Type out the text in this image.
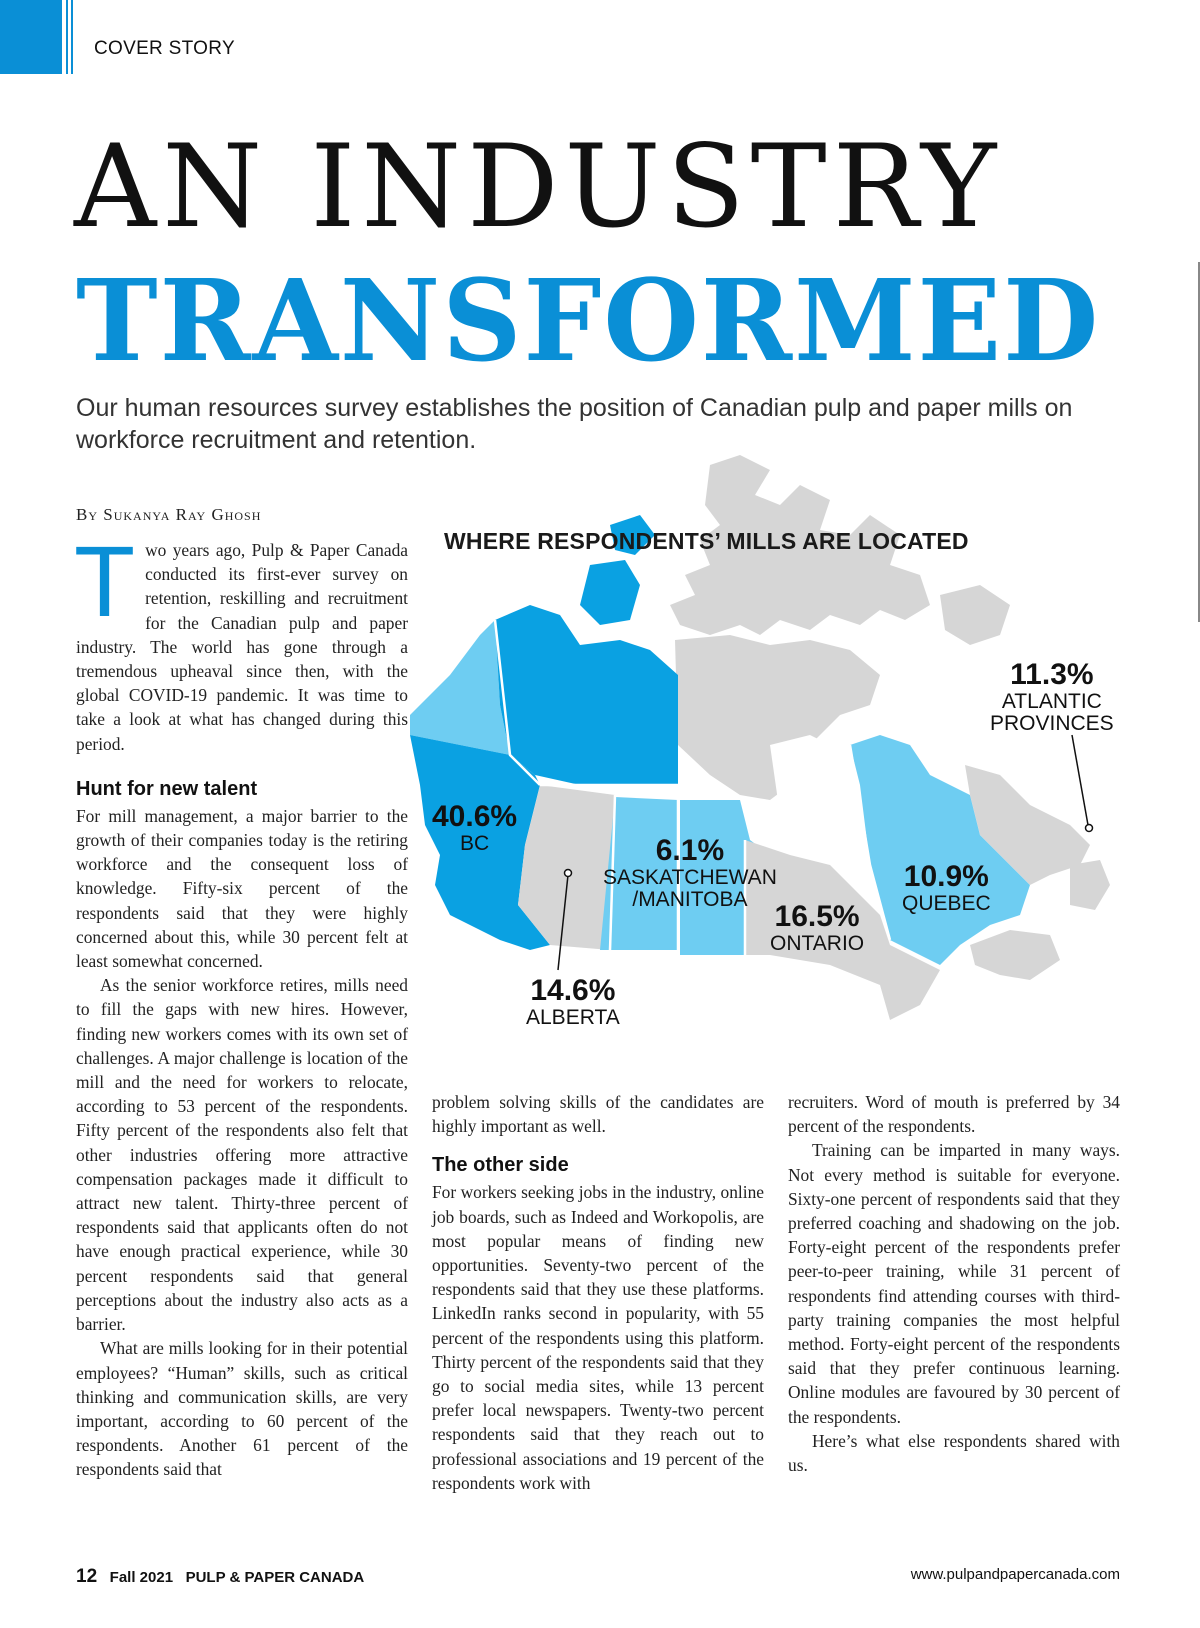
COVER STORY
AN INDUSTRY
TRANSFORMED
Our human resources survey establishes the position of Canadian pulp and paper mills on workforce recruitment and retention.
By Sukanya Ray Ghosh
WHERE RESPONDENTS’ MILLS ARE LOCATED
40.6%
BC	6.1%
SASKATCHEWAN
/MANITOBA
16.5%
ONTARIO
10.9%
QUEBEC
14.6%
ALBERTA
11.3%
ATLANTIC
PROVINCES

Two years ago, Pulp & Paper Canada conducted its first-ever survey on retention, reskilling and recruitment for the Canadian pulp and paper industry. The world has gone through a tremendous upheaval since then, with the global COVID-19 pandemic. It was time to take a look at what has changed during this period.

Hunt for new talent

For mill management, a major barrier to the growth of their companies today is the retiring workforce and the consequent loss of knowledge. Fifty-six percent of the respondents said that they were highly concerned about this, while 30 percent felt at least somewhat concerned.

As the senior workforce retires, mills need to fill the gaps with new hires. However, finding new workers comes with its own set of challenges. A major challenge is location of the mill and the need for workers to relocate, according to 53 percent of the respondents. Fifty percent of the respondents also felt that other industries offering more attractive compensation packages made it difficult to attract new talent. Thirty-three percent of respondents said that applicants often do not have enough practical experience, while 30 percent respondents said that general perceptions about the industry also acts as a barrier.

What are mills looking for in their potential employees? “Human” skills, such as critical thinking and communication skills, are very important, according to 60 percent of the respondents. Another 61 percent of the respondents said that

problem solving skills of the candidates are highly important as well.

The other side

For workers seeking jobs in the industry, online job boards, such as Indeed and Workopolis, are most popular means of finding new opportunities. Seventy-two percent of the respondents said that they use these platforms. LinkedIn ranks second in popularity, with 55 percent of the respondents using this platform. Thirty percent of the respondents said that they go to social media sites, while 13 percent prefer local newspapers. Twenty-two percent respondents said that they reach out to professional associations and 19 percent of the respondents work with

recruiters. Word of mouth is preferred by 34 percent of the respondents.

Training can be imparted in many ways. Not every method is suitable for everyone. Sixty-one percent of respondents said that they preferred coaching and shadowing on the job. Forty-eight percent of the respondents prefer peer-to-peer training, while 31 percent of respondents find attending courses with third-party training companies the most helpful method. Forty-eight percent of the respondents said that they prefer continuous learning. Online modules are favoured by 30 percent of the respondents.

Here’s what else respondents shared with us.

12 Fall 2021 PULP & PAPER CANADA	www.pulpandpapercanada.com
